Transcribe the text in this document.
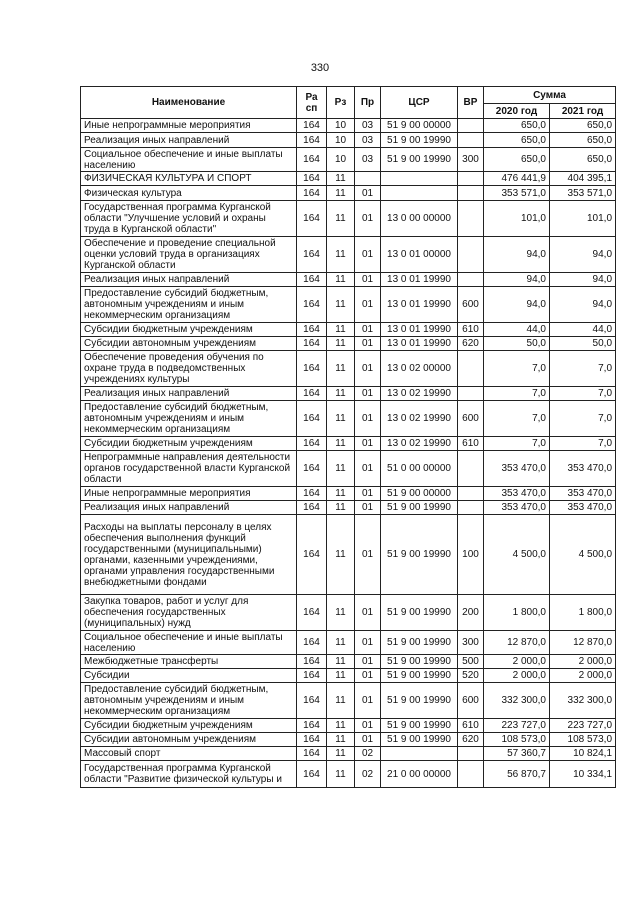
330
Наименование	Ра сп	Рз	Пр	ЦСР	ВР	Сумма	
						2020 год	2021 год
Иные непрограммные мероприятия	164	10	03	51 9 00 00000		650,0	650,0
Реализация иных направлений	164	10	03	51 9 00 19990		650,0	650,0
Социальное обеспечение и иные выплаты населению	164	10	03	51 9 00 19990	300	650,0	650,0
ФИЗИЧЕСКАЯ КУЛЬТУРА И СПОРТ	164	11				476 441,9	404 395,1
Физическая культура	164	11	01			353 571,0	353 571,0
Государственная программа Курганской области "Улучшение условий и охраны труда в Курганской области"	164	11	01	13 0 00 00000		101,0	101,0
Обеспечение и проведение специальной оценки условий труда в организациях Курганской области	164	11	01	13 0 01 00000		94,0	94,0
Реализация иных направлений	164	11	01	13 0 01 19990		94,0	94,0
Предоставление субсидий бюджетным, автономным учреждениям и иным некоммерческим организациям	164	11	01	13 0 01 19990	600	94,0	94,0
Субсидии бюджетным учреждениям	164	11	01	13 0 01 19990	610	44,0	44,0
Субсидии автономным учреждениям	164	11	01	13 0 01 19990	620	50,0	50,0
Обеспечение проведения обучения по охране труда в подведомственных учреждениях культуры	164	11	01	13 0 02 00000		7,0	7,0
Реализация иных направлений	164	11	01	13 0 02 19990		7,0	7,0
Предоставление субсидий бюджетным, автономным учреждениям и иным некоммерческим организациям	164	11	01	13 0 02 19990	600	7,0	7,0
Субсидии бюджетным учреждениям	164	11	01	13 0 02 19990	610	7,0	7,0
Непрограммные направления деятельности органов государственной власти Курганской области	164	11	01	51 0 00 00000		353 470,0	353 470,0
Иные непрограммные мероприятия	164	11	01	51 9 00 00000		353 470,0	353 470,0
Реализация иных направлений	164	11	01	51 9 00 19990		353 470,0	353 470,0
Расходы на выплаты персоналу в целях обеспечения выполнения функций государственными (муниципальными) органами, казенными учреждениями, органами управления государственными внебюджетными фондами	164	11	01	51 9 00 19990	100	4 500,0	4 500,0
Закупка товаров, работ и услуг для обеспечения государственных (муниципальных) нужд	164	11	01	51 9 00 19990	200	1 800,0	1 800,0
Социальное обеспечение и иные выплаты населению	164	11	01	51 9 00 19990	300	12 870,0	12 870,0
Межбюджетные трансферты	164	11	01	51 9 00 19990	500	2 000,0	2 000,0
Субсидии	164	11	01	51 9 00 19990	520	2 000,0	2 000,0
Предоставление субсидий бюджетным, автономным учреждениям и иным некоммерческим организациям	164	11	01	51 9 00 19990	600	332 300,0	332 300,0
Субсидии бюджетным учреждениям	164	11	01	51 9 00 19990	610	223 727,0	223 727,0
Субсидии автономным учреждениям	164	11	01	51 9 00 19990	620	108 573,0	108 573,0
Массовый спорт	164	11	02			57 360,7	10 824,1
Государственная программа Курганской области "Развитие физической культуры и	164	11	02	21 0 00 00000		56 870,7	10 334,1
